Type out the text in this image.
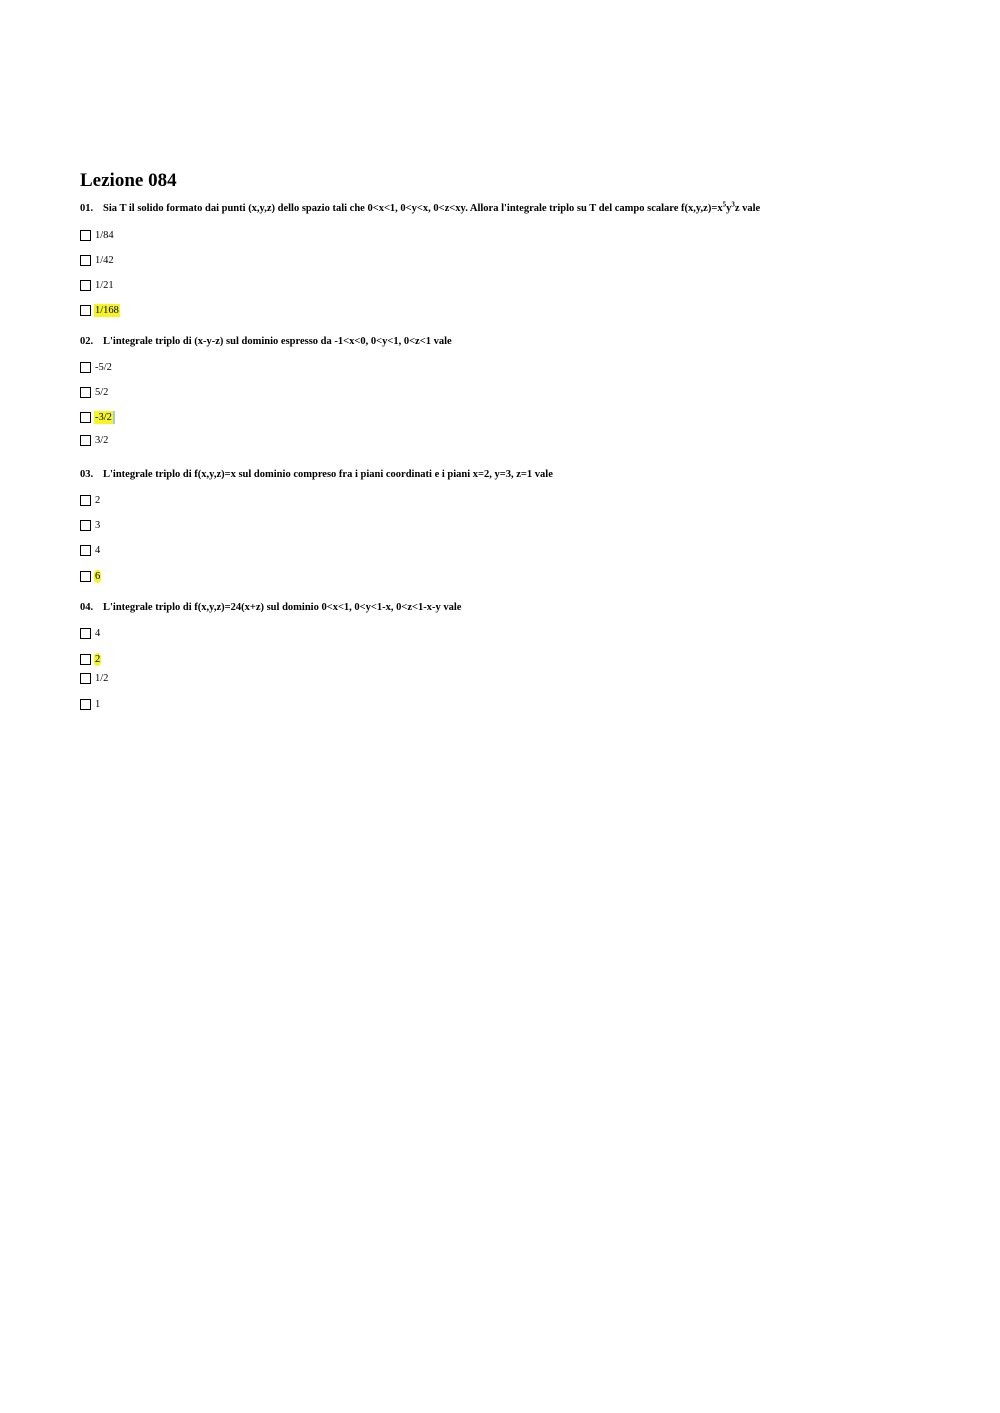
Lezione 084
01. Sia T il solido formato dai punti (x,y,z) dello spazio tali che 0<x<1, 0<y<x, 0<z<xy. Allora l'integrale triplo su T del campo scalare $f(x,y,z)=x^5y^3z$ vale
1/84
1/42
1/21
1/168
02. L'integrale triplo di (x-y-z) sul dominio espresso da -1<x<0, 0<y<1, 0<z<1 vale
-5/2
5/2
-3/2
3/2
03. L'integrale triplo di f(x,y,z)=x sul dominio compreso fra i piani coordinati e i piani x=2, y=3, z=1 vale
2
3
4
6
04. L'integrale triplo di f(x,y,z)=24(x+z) sul dominio 0<x<1, 0<y<1-x, 0<z<1-x-y vale
4
2
1/2
1
